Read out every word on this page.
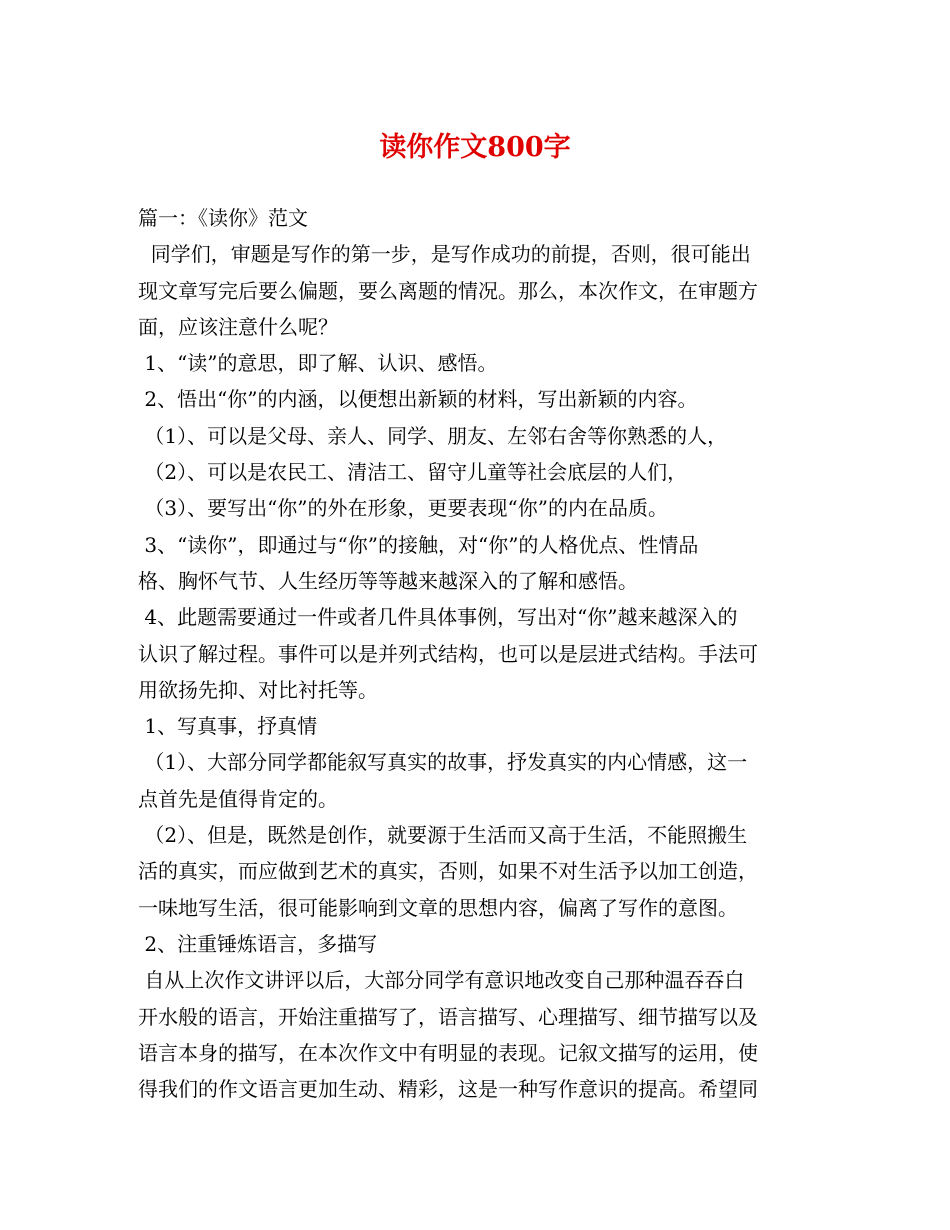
读你作文800字

篇一：《读你》范文

同学们，审题是写作的第一步，是写作成功的前提，否则，很可能出

现文章写完后要么偏题，要么离题的情况。那么，本次作文，在审题方

面，应该注意什么呢？

1、“读”的意思，即了解、认识、感悟。

2、悟出“你”的内涵，以便想出新颖的材料，写出新颖的内容。

（1）、可以是父母、亲人、同学、朋友、左邻右舍等你熟悉的人，

（2）、可以是农民工、清洁工、留守儿童等社会底层的人们，

（3）、要写出“你”的外在形象，更要表现“你”的内在品质。

3、“读你”，即通过与“你”的接触，对“你”的人格优点、性情品

格、胸怀气节、人生经历等等越来越深入的了解和感悟。

4、此题需要通过一件或者几件具体事例，写出对“你”越来越深入的

认识了解过程。事件可以是并列式结构，也可以是层进式结构。手法可

用欲扬先抑、对比衬托等。

1、写真事，抒真情

（1）、大部分同学都能叙写真实的故事，抒发真实的内心情感，这一

点首先是值得肯定的。

（2）、但是，既然是创作，就要源于生活而又高于生活，不能照搬生

活的真实，而应做到艺术的真实，否则，如果不对生活予以加工创造，

一味地写生活，很可能影响到文章的思想内容，偏离了写作的意图。

2、注重锤炼语言，多描写

自从上次作文讲评以后，大部分同学有意识地改变自己那种温吞吞白

开水般的语言，开始注重描写了，语言描写、心理描写、细节描写以及

语言本身的描写，在本次作文中有明显的表现。记叙文描写的运用，使

得我们的作文语言更加生动、精彩，这是一种写作意识的提高。希望同
